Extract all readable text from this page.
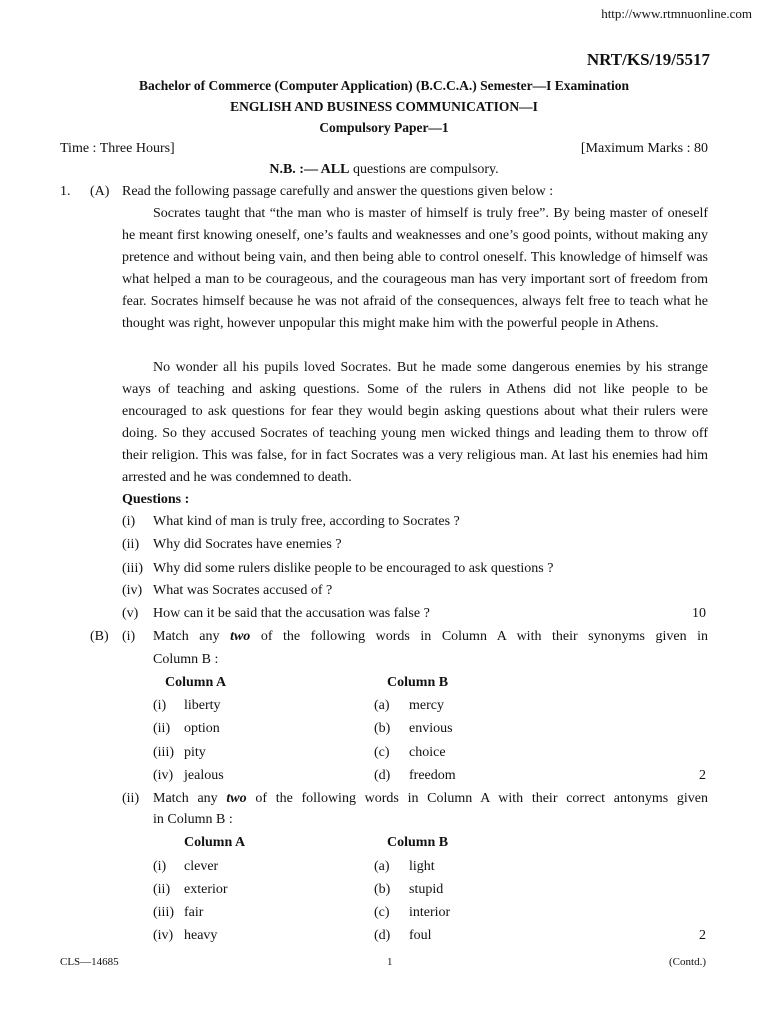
http://www.rtmnuonline.com
NRT/KS/19/5517
Bachelor of Commerce (Computer Application) (B.C.C.A.) Semester—I Examination
ENGLISH AND BUSINESS COMMUNICATION—I
Compulsory Paper—1
Time : Three Hours]	[Maximum Marks : 80
N.B. :— ALL questions are compulsory.
1. (A) Read the following passage carefully and answer the questions given below :
Socrates taught that “the man who is master of himself is truly free”. By being master of oneself he meant first knowing oneself, one’s faults and weaknesses and one’s good points, without making any pretence and without being vain, and then being able to control oneself. This knowledge of himself was what helped a man to be courageous, and the courageous man has very important sort of freedom from fear. Socrates himself because he was not afraid of the consequences, always felt free to teach what he thought was right, however unpopular this might make him with the powerful people in Athens.
No wonder all his pupils loved Socrates. But he made some dangerous enemies by his strange ways of teaching and asking questions. Some of the rulers in Athens did not like people to be encouraged to ask questions for fear they would begin asking questions about what their rulers were doing. So they accused Socrates of teaching young men wicked things and leading them to throw off their religion. This was false, for in fact Socrates was a very religious man. At last his enemies had him arrested and he was condemned to death.
Questions :
(i) What kind of man is truly free, according to Socrates ?
(ii) Why did Socrates have enemies ?
(iii) Why did some rulers dislike people to be encouraged to ask questions ?
(iv) What was Socrates accused of ?
(v) How can it be said that the accusation was false ?	10
(B) (i) Match any two of the following words in Column A with their synonyms given in
Column B :
Column A	Column B
(i) liberty	(a) mercy
(ii) option	(b) envious
(iii) pity	(c) choice
(iv) jealous	(d) freedom	2
(ii) Match any two of the following words in Column A with their correct antonyms given
in Column B :
Column A	Column B
(i) clever	(a) light
(ii) exterior	(b) stupid
(iii) fair	(c) interior
(iv) heavy	(d) foul	2
CLS—14685	1	(Contd.)
